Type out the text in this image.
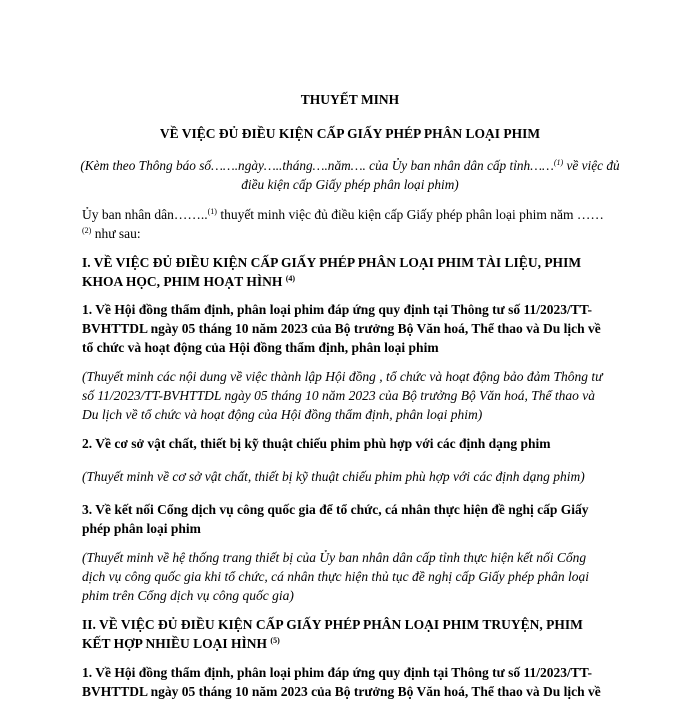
THUYẾT MINH

VỀ VIỆC ĐỦ ĐIỀU KIỆN CẤP GIẤY PHÉP PHÂN LOẠI PHIM

(Kèm theo Thông báo số…….ngày…..tháng….năm…. của Ủy ban nhân dân cấp tỉnh……$^{(1)}$ về việc đủ điều kiện cấp Giấy phép phân loại phim)

Ủy ban nhân dân……..$^{(1)}$ thuyết minh việc đủ điều kiện cấp Giấy phép phân loại phim năm …… $^{(2)}$ như sau:

I. VỀ VIỆC ĐỦ ĐIỀU KIỆN CẤP GIẤY PHÉP PHÂN LOẠI PHIM TÀI LIỆU, PHIM KHOA HỌC, PHIM HOẠT HÌNH $^{(4)}$

1. Về Hội đồng thẩm định, phân loại phim đáp ứng quy định tại Thông tư số 11/2023/TT-BVHTTDL ngày 05 tháng 10 năm 2023 của Bộ trưởng Bộ Văn hoá, Thể thao và Du lịch về tổ chức và hoạt động của Hội đồng thẩm định, phân loại phim

(Thuyết minh các nội dung về việc thành lập Hội đồng , tổ chức và hoạt động bảo đảm Thông tư số 11/2023/TT-BVHTTDL ngày 05 tháng 10 năm 2023 của Bộ trưởng Bộ Văn hoá, Thể thao và Du lịch về tổ chức và hoạt động của Hội đồng thẩm định, phân loại phim)

2. Về cơ sở vật chất, thiết bị kỹ thuật chiếu phim phù hợp với các định dạng phim

(Thuyết minh về cơ sở vật chất, thiết bị kỹ thuật chiếu phim phù hợp với các định dạng phim)

3. Về kết nối Cổng dịch vụ công quốc gia để tổ chức, cá nhân thực hiện đề nghị cấp Giấy phép phân loại phim

(Thuyết minh về hệ thống trang thiết bị của Ủy ban nhân dân cấp tỉnh thực hiện kết nối Cổng dịch vụ công quốc gia khi tổ chức, cá nhân thực hiện thủ tục đề nghị cấp Giấy phép phân loại phim trên Cổng dịch vụ công quốc gia)

II. VỀ VIỆC ĐỦ ĐIỀU KIỆN CẤP GIẤY PHÉP PHÂN LOẠI PHIM TRUYỆN, PHIM KẾT HỢP NHIỀU LOẠI HÌNH $^{(5)}$

1. Về Hội đồng thẩm định, phân loại phim đáp ứng quy định tại Thông tư số 11/2023/TT-BVHTTDL ngày 05 tháng 10 năm 2023 của Bộ trưởng Bộ Văn hoá, Thể thao và Du lịch về
